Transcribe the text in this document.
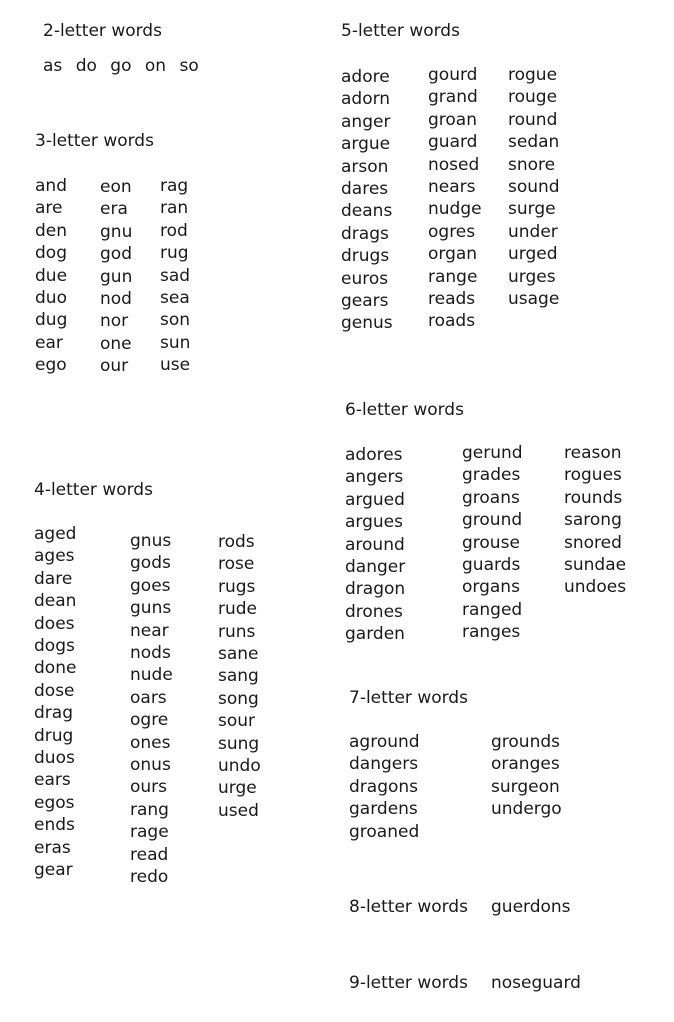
2-letter words
as do go on so
3-letter words
and
are
den
dog
due
duo
dug
ear
ego
eon
era
gnu
god
gun
nod
nor
one
our
rag
ran
rod
rug
sad
sea
son
sun
use
4-letter words
aged
ages
dare
dean
does
dogs
done
dose
drag
drug
duos
ears
egos
ends
eras
gear
gnus
gods
goes
guns
near
nods
nude
oars
ogre
ones
onus
ours
rang
rage
read
redo
rods
rose
rugs
rude
runs
sane
sang
song
sour
sung
undo
urge
used
5-letter words
adore
adorn
anger
argue
arson
dares
deans
drags
drugs
euros
gears
genus
gourd
grand
groan
guard
nosed
nears
nudge
ogres
organ
range
reads
roads
rogue
rouge
round
sedan
snore
sound
surge
under
urged
urges
usage
6-letter words
adores
angers
argued
argues
around
danger
dragon
drones
garden
gerund
grades
groans
ground
grouse
guards
organs
ranged
ranges
reason
rogues
rounds
sarong
snored
sundae
undoes
7-letter words
aground
dangers
dragons
gardens
groaned
grounds
oranges
surgeon
undergo
8-letter words guerdons
9-letter words noseguard
